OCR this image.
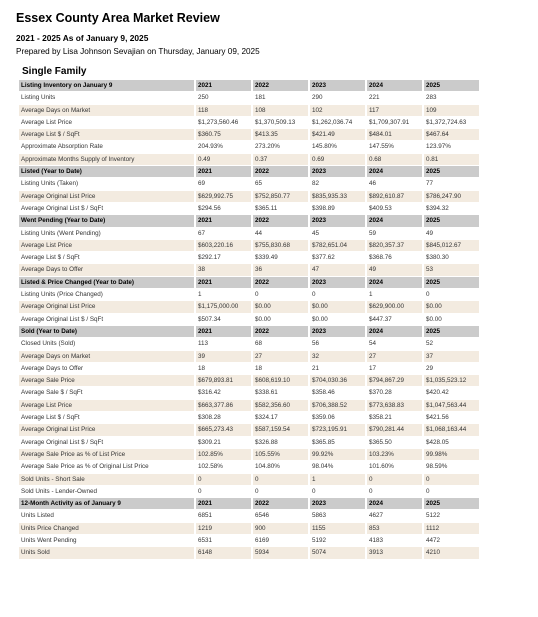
Essex County Area Market Review
2021 - 2025 As of January 9, 2025
Prepared by Lisa Johnson Sevajian on Thursday, January 09, 2025
Single Family
Listing Inventory on January 9	2021	2022	2023	2024	2025
Listing Units	250	181	290	221	283
Average Days on Market	118	108	102	117	109
Average List Price	$1,273,560.46	$1,370,509.13	$1,262,036.74	$1,709,307.91	$1,372,724.63
Average List $ / SqFt	$360.75	$413.35	$421.49	$484.01	$467.64
Approximate Absorption Rate	204.93%	273.20%	145.80%	147.55%	123.97%
Approximate Months Supply of Inventory	0.49	0.37	0.69	0.68	0.81
Listed (Year to Date)	2021	2022	2023	2024	2025
Listing Units (Taken)	69	65	82	46	77
Average Original List Price	$629,992.75	$752,850.77	$835,935.33	$892,610.87	$786,247.90
Average Original List $ / SqFt	$294.56	$365.11	$398.89	$409.53	$394.32
Went Pending (Year to Date)	2021	2022	2023	2024	2025
Listing Units (Went Pending)	67	44	45	59	49
Average List Price	$603,220.16	$755,830.68	$782,651.04	$820,357.37	$845,012.67
Average List $ / SqFt	$292.17	$339.49	$377.62	$368.76	$380.30
Average Days to Offer	38	36	47	49	53
Listed & Price Changed (Year to Date)	2021	2022	2023	2024	2025
Listing Units (Price Changed)	1	0	0	1	0
Average Original List Price	$1,175,000.00	$0.00	$0.00	$629,900.00	$0.00
Average Original List $ / SqFt	$507.34	$0.00	$0.00	$447.37	$0.00
Sold (Year to Date)	2021	2022	2023	2024	2025
Closed Units (Sold)	113	68	56	54	52
Average Days on Market	39	27	32	27	37
Average Days to Offer	18	18	21	17	29
Average Sale Price	$679,893.81	$608,619.10	$704,030.36	$794,867.29	$1,035,523.12
Average Sale $ / SqFt	$316.42	$338.61	$358.46	$370.28	$420.42
Average List Price	$663,377.86	$582,356.60	$706,388.52	$773,638.83	$1,047,563.44
Average List $ / SqFt	$308.28	$324.17	$359.06	$358.21	$421.56
Average Original List Price	$665,273.43	$587,159.54	$723,195.91	$790,281.44	$1,068,163.44
Average Original List $ / SqFt	$309.21	$326.88	$365.85	$365.50	$428.05
Average Sale Price as % of List Price	102.85%	105.55%	99.92%	103.23%	99.98%
Average Sale Price as % of Original List Price	102.58%	104.80%	98.04%	101.60%	98.59%
Sold Units - Short Sale	0	0	1	0	0
Sold Units - Lender-Owned	0	0	0	0	0
12-Month Activity as of January 9	2021	2022	2023	2024	2025
Units Listed	6851	6546	5863	4627	5122
Units Price Changed	1219	900	1155	853	1112
Units Went Pending	6531	6169	5192	4183	4472
Units Sold	6148	5934	5074	3913	4210
